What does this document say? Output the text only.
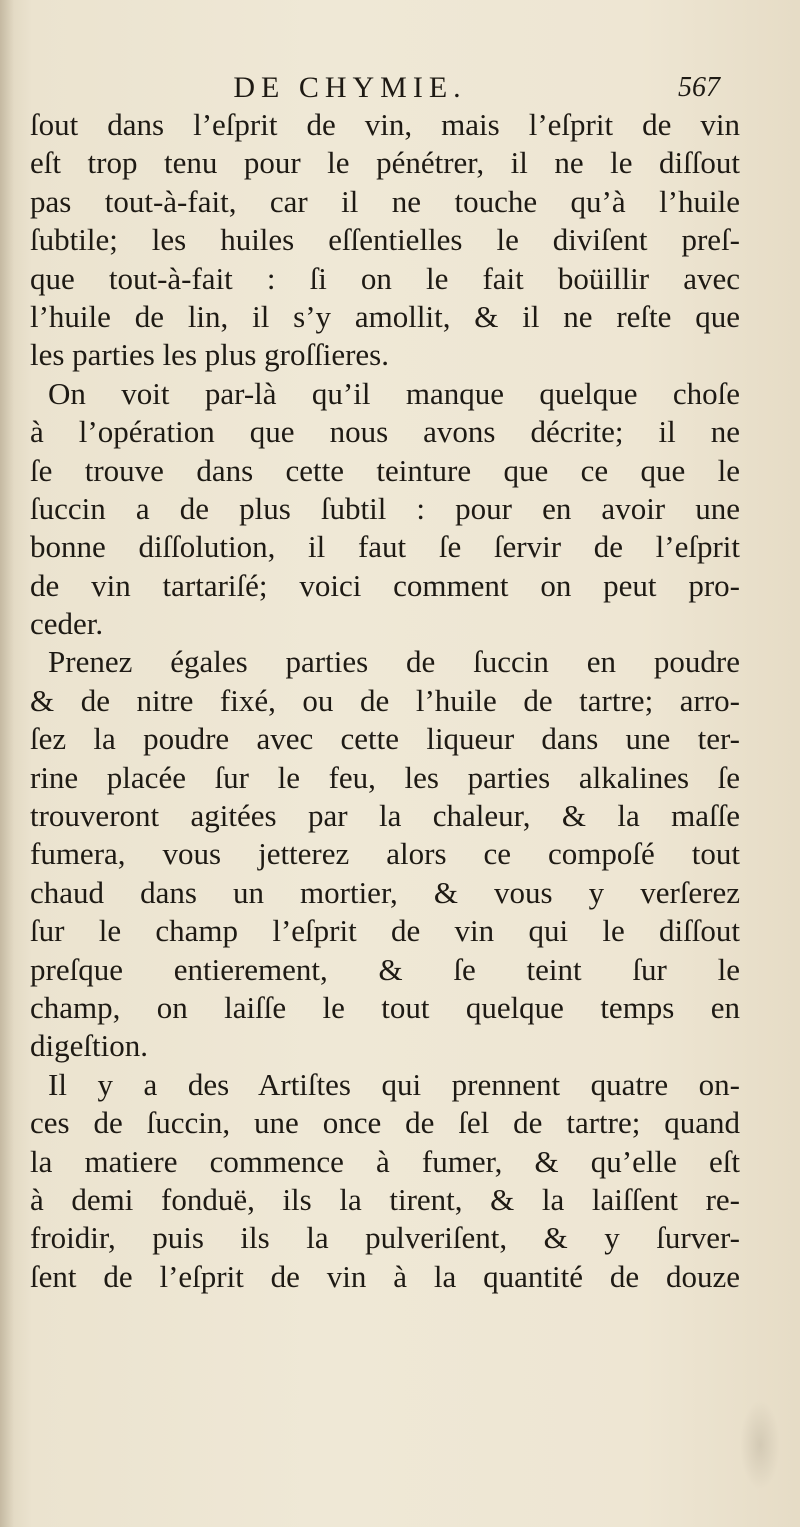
DE CHYMIE.	567
ſout dans l’eſprit de vin, mais l’eſprit de vin
eſt trop tenu pour le pénétrer, il ne le diſſout
pas tout-à-fait, car il ne touche qu’à l’huile
ſubtile; les huiles eſſentielles le diviſent preſ-
que tout-à-fait : ſi on le fait boüillir avec
l’huile de lin, il s’y amollit, & il ne reſte que
les parties les plus groſſieres.
On voit par-là qu’il manque quelque choſe
à l’opération que nous avons décrite; il ne
ſe trouve dans cette teinture que ce que le
ſuccin a de plus ſubtil : pour en avoir une
bonne diſſolution, il faut ſe ſervir de l’eſprit
de vin tartariſé; voici comment on peut pro-
ceder.
Prenez égales parties de ſuccin en poudre
& de nitre fixé, ou de l’huile de tartre; arro-
ſez la poudre avec cette liqueur dans une ter-
rine placée ſur le feu, les parties alkalines ſe
trouveront agitées par la chaleur, & la maſſe
fumera, vous jetterez alors ce compoſé tout
chaud dans un mortier, & vous y verſerez
ſur le champ l’eſprit de vin qui le diſſout
preſque entierement, & ſe teint ſur le
champ, on laiſſe le tout quelque temps en
digeſtion.
Il y a des Artiſtes qui prennent quatre on-
ces de ſuccin, une once de ſel de tartre; quand
la matiere commence à fumer, & qu’elle eſt
à demi fonduë, ils la tirent, & la laiſſent re-
froidir, puis ils la pulveriſent, & y ſurver-
ſent de l’eſprit de vin à la quantité de douze
